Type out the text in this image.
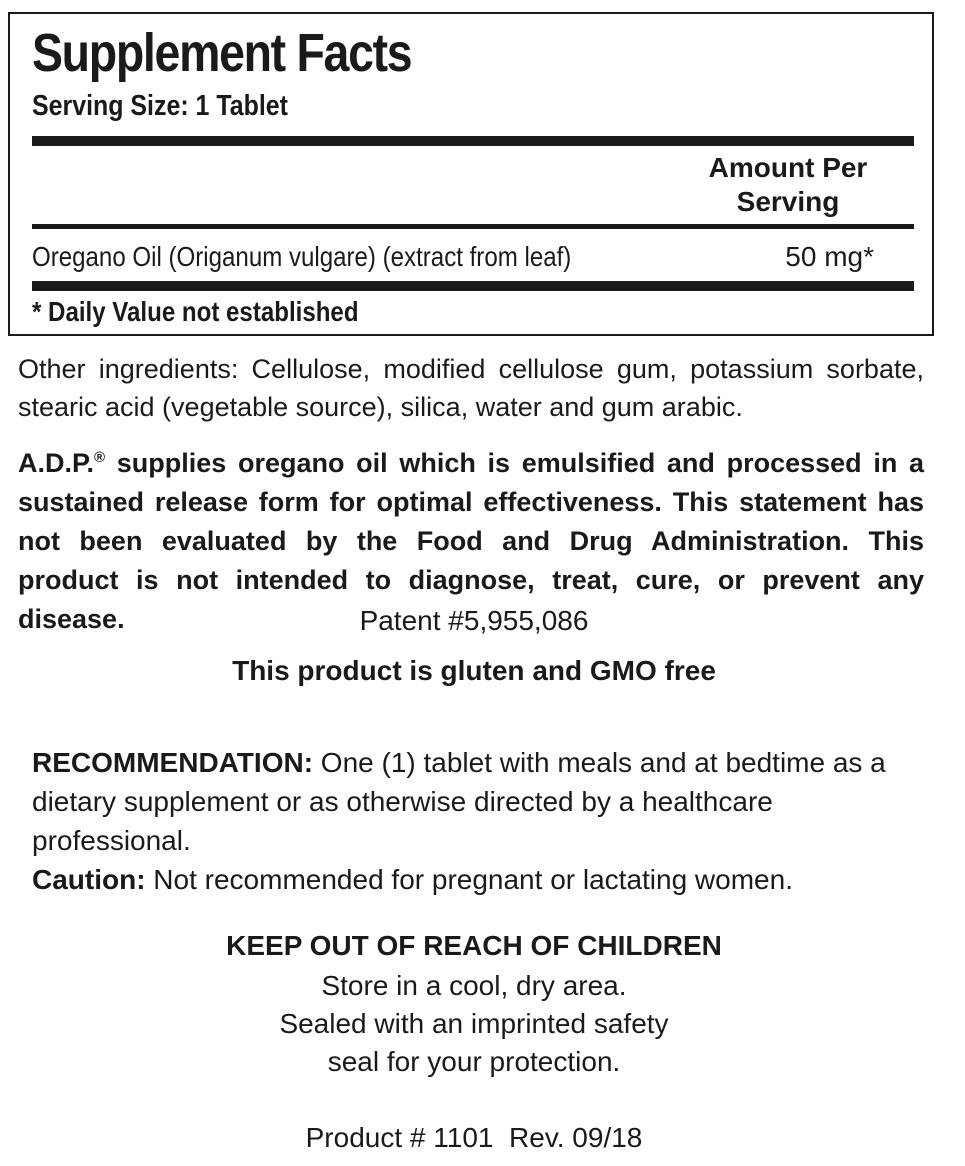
Supplement Facts
Serving Size: 1 Tablet
Amount Per
Serving
Oregano Oil (Origanum vulgare) (extract from leaf)	50 mg*
* Daily Value not established
Other ingredients: Cellulose, modified cellulose gum, potassium sorbate, stearic acid (vegetable source), silica, water and gum arabic.
A.D.P.® supplies oregano oil which is emulsified and processed in a sustained release form for optimal effectiveness. This statement has not been evaluated by the Food and Drug Administration. This product is not intended to diagnose, treat, cure, or prevent any disease.	Patent #5,955,086
This product is gluten and GMO free
RECOMMENDATION: One (1) tablet with meals and at bedtime as a dietary supplement or as otherwise directed by a healthcare professional.
Caution: Not recommended for pregnant or lactating women.
KEEP OUT OF REACH OF CHILDREN
Store in a cool, dry area.
Sealed with an imprinted safety
seal for your protection.
Product # 1101  Rev. 09/18
